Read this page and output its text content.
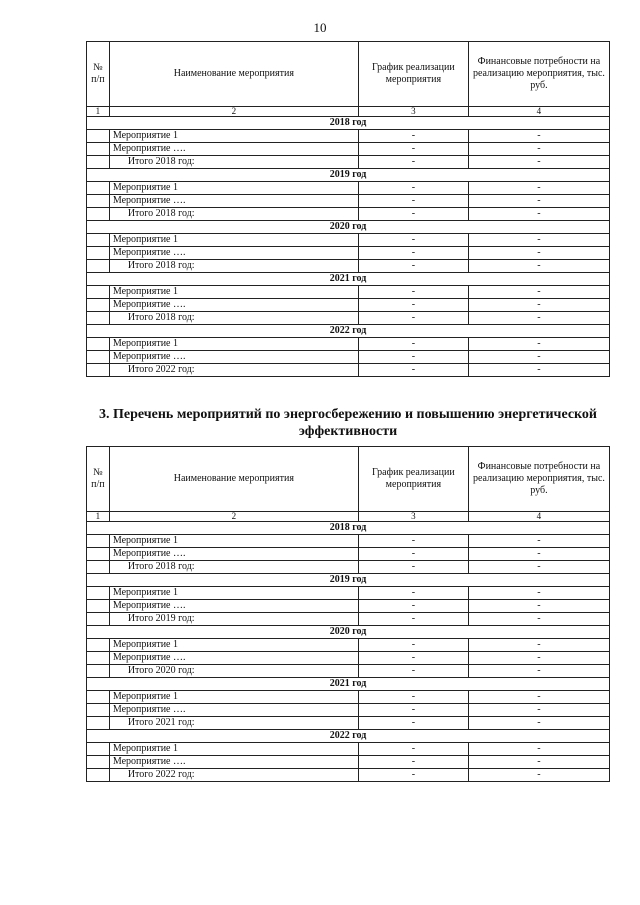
10
№ п/п	Наименование мероприятия	График реализации мероприятия	Финансовые потребности на реализацию мероприятия, тыс. руб.
1	2	3	4
2018 год			
	Мероприятие 1	-	-
	Мероприятие ….	-	-
	Итого 2018 год:	-	-
2019 год			
	Мероприятие 1	-	-
	Мероприятие ….	-	-
	Итого 2018 год:	-	-
2020 год			
	Мероприятие 1	-	-
	Мероприятие ….	-	-
	Итого 2018 год:	-	-
2021 год			
	Мероприятие 1	-	-
	Мероприятие ….	-	-
	Итого 2018 год:	-	-
2022 год			
	Мероприятие 1	-	-
	Мероприятие ….	-	-
	Итого 2022 год:	-	-
3. Перечень мероприятий по энергосбережению и повышению энергетической эффективности
№ п/п	Наименование мероприятия	График реализации мероприятия	Финансовые потребности на реализацию мероприятия, тыс. руб.
1	2	3	4
2018 год			
	Мероприятие 1	-	-
	Мероприятие ….	-	-
	Итого 2018 год:	-	-
2019 год			
	Мероприятие 1	-	-
	Мероприятие ….	-	-
	Итого 2019 год:	-	-
2020 год			
	Мероприятие 1	-	-
	Мероприятие ….	-	-
	Итого 2020 год:	-	-
2021 год			
	Мероприятие 1	-	-
	Мероприятие ….	-	-
	Итого 2021 год:	-	-
2022 год			
	Мероприятие 1	-	-
	Мероприятие ….	-	-
	Итого 2022 год:	-	-
